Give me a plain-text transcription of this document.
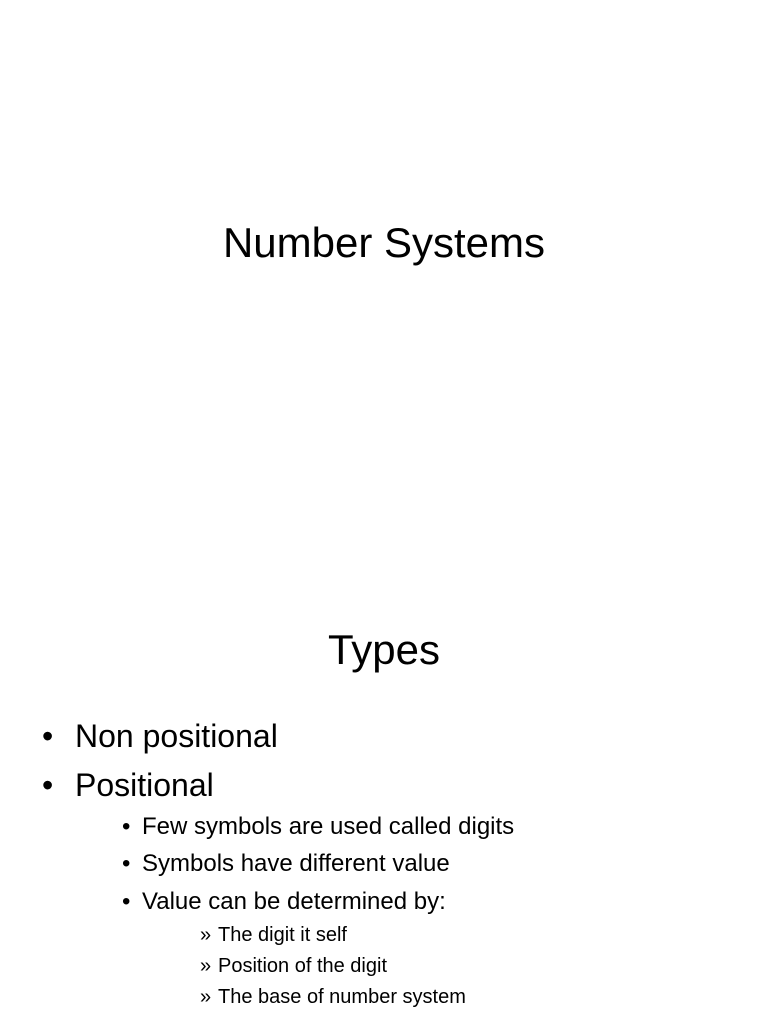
Number Systems
Types
• Non positional
• Positional
• Few symbols are used called digits
• Symbols have different value
• Value can be determined by:
» The digit it self
» Position of the digit
» The base of number system
